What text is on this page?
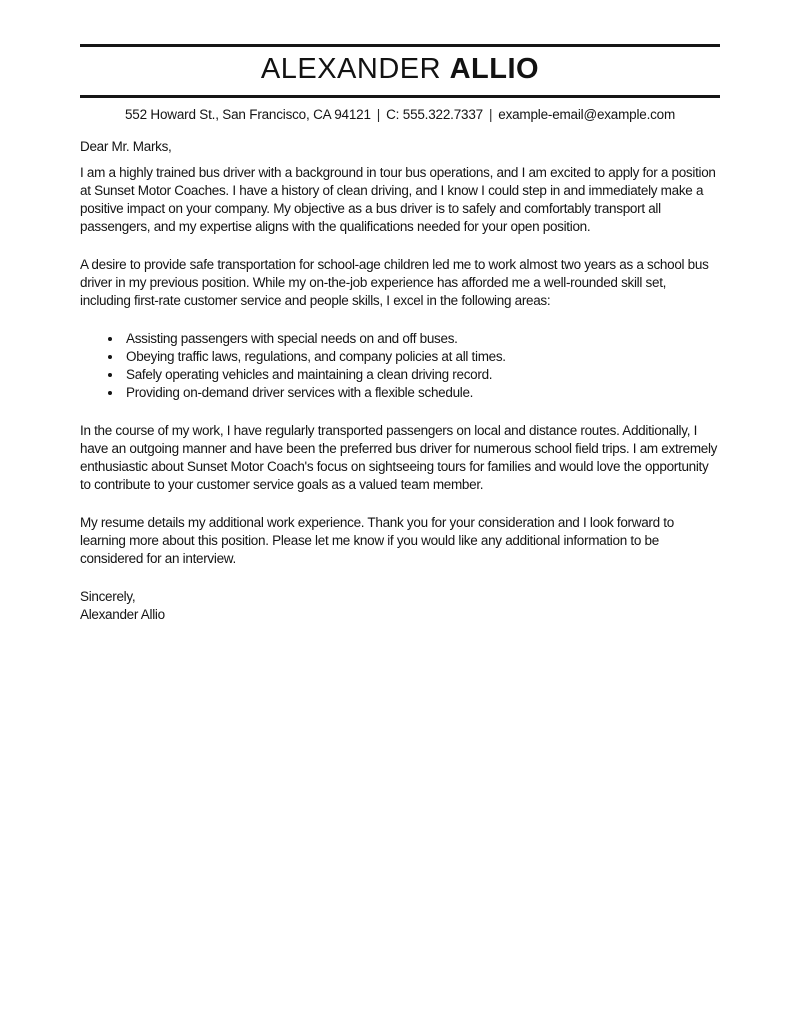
ALEXANDER ALLIO
552 Howard St., San Francisco, CA 94121 | C: 555.322.7337 | example-email@example.com

Dear Mr. Marks,

I am a highly trained bus driver with a background in tour bus operations, and I am excited to apply for a position at Sunset Motor Coaches. I have a history of clean driving, and I know I could step in and immediately make a positive impact on your company. My objective as a bus driver is to safely and comfortably transport all passengers, and my expertise aligns with the qualifications needed for your open position.

A desire to provide safe transportation for school-age children led me to work almost two years as a school bus driver in my previous position. While my on-the-job experience has afforded me a well-rounded skill set, including first-rate customer service and people skills, I excel in the following areas:

• Assisting passengers with special needs on and off buses.
• Obeying traffic laws, regulations, and company policies at all times.
• Safely operating vehicles and maintaining a clean driving record.
• Providing on-demand driver services with a flexible schedule.

In the course of my work, I have regularly transported passengers on local and distance routes. Additionally, I have an outgoing manner and have been the preferred bus driver for numerous school field trips. I am extremely enthusiastic about Sunset Motor Coach's focus on sightseeing tours for families and would love the opportunity to contribute to your customer service goals as a valued team member.

My resume details my additional work experience. Thank you for your consideration and I look forward to learning more about this position. Please let me know if you would like any additional information to be considered for an interview.

Sincerely,

Alexander Allio
